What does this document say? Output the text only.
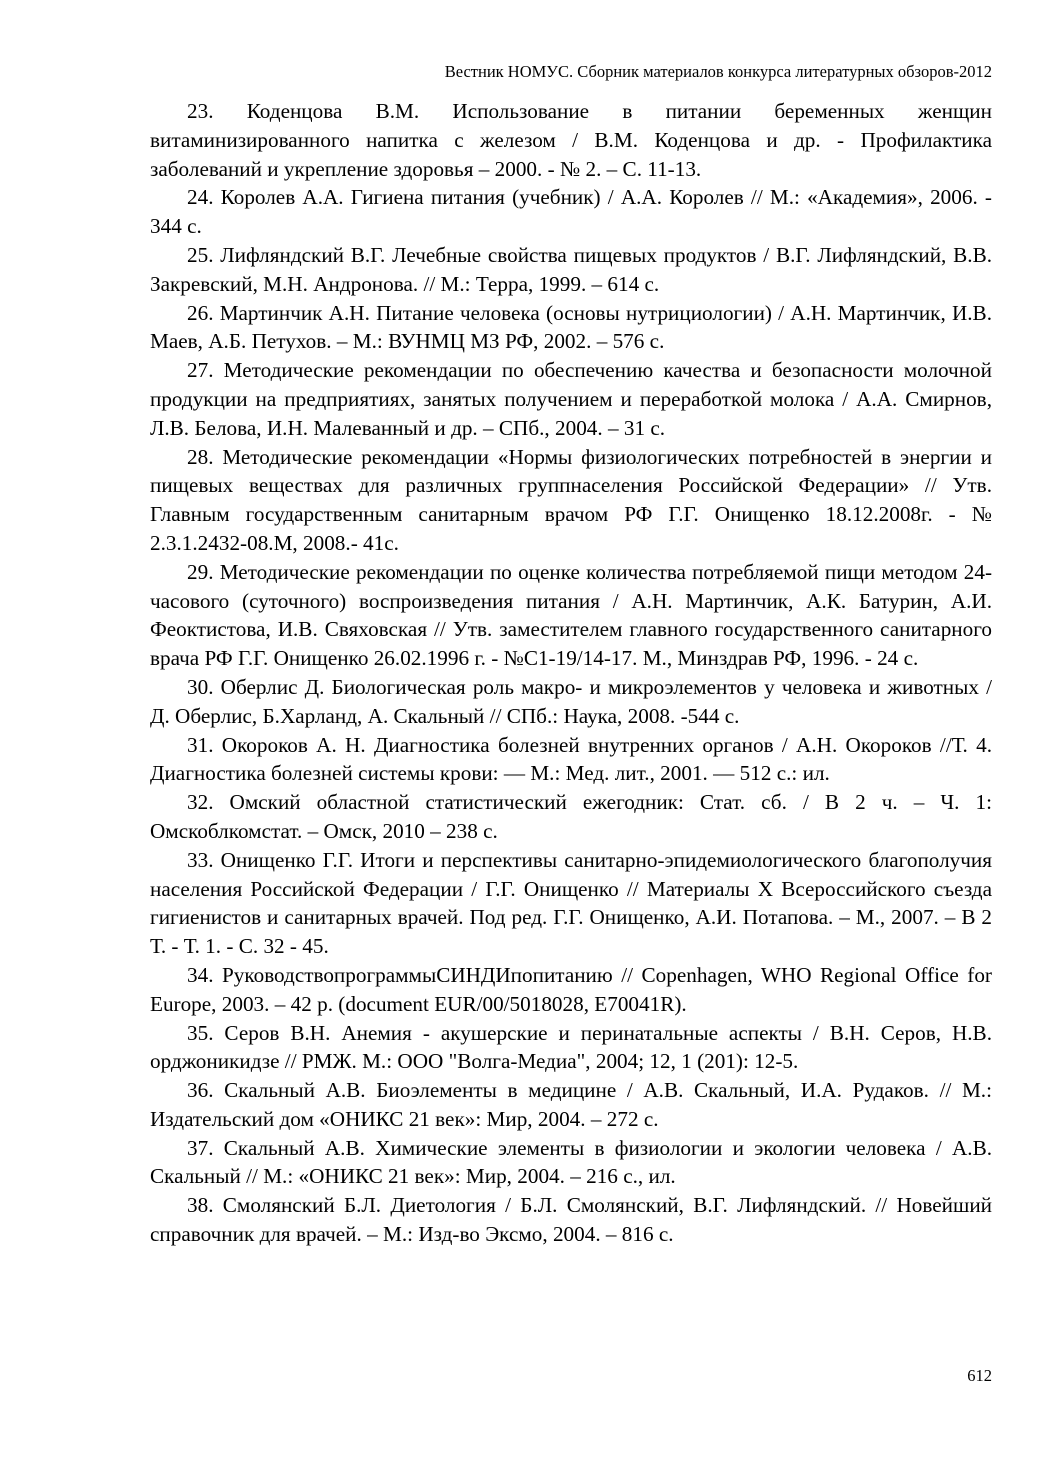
Вестник НОМУС. Сборник материалов конкурса литературных обзоров-2012

23. Коденцова В.М. Использование в питании беременных женщин витаминизированного напитка с железом / В.М. Коденцова и др. - Профилактика заболеваний и укрепление здоровья – 2000. - № 2. – С. 11-13.

24. Королев А.А. Гигиена питания (учебник) / А.А. Королев // М.: «Академия», 2006. - 344 с.

25. Лифляндский В.Г. Лечебные свойства пищевых продуктов / В.Г. Лифляндский, В.В. Закревский, М.Н. Андронова. // М.: Терра, 1999. – 614 с.

26. Мартинчик А.Н. Питание человека (основы нутрициологии) / А.Н. Мартинчик, И.В. Маев, А.Б. Петухов. – М.: ВУНМЦ МЗ РФ, 2002. – 576 с.

27. Методические рекомендации по обеспечению качества и безопасности молочной продукции на предприятиях, занятых получением и переработкой молока / А.А. Смирнов, Л.В. Белова, И.Н. Малеванный и др. – СПб., 2004. – 31 с.

28. Методические рекомендации «Нормы физиологических потребностей в энергии и пищевых веществах для различных группнаселения Российской Федерации» // Утв. Главным государственным санитарным врачом РФ Г.Г. Онищенко 18.12.2008г. - № 2.3.1.2432-08.М, 2008.- 41с.

29. Методические рекомендации по оценке количества потребляемой пищи методом 24-часового (суточного) воспроизведения питания / А.Н. Мартинчик, А.К. Батурин, А.И. Феоктистова, И.В. Свяховская // Утв. заместителем главного государственного санитарного врача РФ Г.Г. Онищенко 26.02.1996 г. - №С1-19/14-17. М., Минздрав РФ, 1996. - 24 с.

30. Оберлис Д. Биологическая роль макро- и микроэлементов у человека и животных / Д. Оберлис, Б.Харланд, А. Скальный // СПб.: Наука, 2008. -544 с.

31. Окороков А. Н. Диагностика болезней внутренних органов / А.Н. Окороков //Т. 4. Диагностика болезней системы крови: — М.: Мед. лит., 2001. — 512 с.: ил.

32. Омский областной статистический ежегодник: Стат. сб. / В 2 ч. – Ч. 1: Омскоблкомстат. – Омск, 2010 – 238 с.

33. Онищенко Г.Г. Итоги и перспективы санитарно-эпидемиологического благополучия населения Российской Федерации / Г.Г. Онищенко // Материалы X Всероссийского съезда гигиенистов и санитарных врачей. Под ред. Г.Г. Онищенко, А.И. Потапова. – М., 2007. – В 2 Т. - Т. 1. - С. 32 - 45.

34. РуководствопрограммыСИНДИпопитанию // Copenhagen, WHO Regional Office for Europe, 2003. – 42 p. (document EUR/00/5018028, E70041R).

35. Серов В.Н. Анемия - акушерские и перинатальные аспекты / В.Н. Серов, Н.В. орджоникидзе // РМЖ. М.: ООО "Волга-Медиа", 2004; 12, 1 (201): 12-5.

36. Скальный А.В. Биоэлементы в медицине / А.В. Скальный, И.А. Рудаков. // М.: Издательский дом «ОНИКС 21 век»: Мир, 2004. – 272 с.

37. Скальный А.В. Химические элементы в физиологии и экологии человека / А.В. Скальный // М.: «ОНИКС 21 век»: Мир, 2004. – 216 с., ил.

38. Смолянский Б.Л. Диетология / Б.Л. Смолянский, В.Г. Лифляндский. // Новейший справочник для врачей. – М.: Изд-во Эксмо, 2004. – 816 с.

612
